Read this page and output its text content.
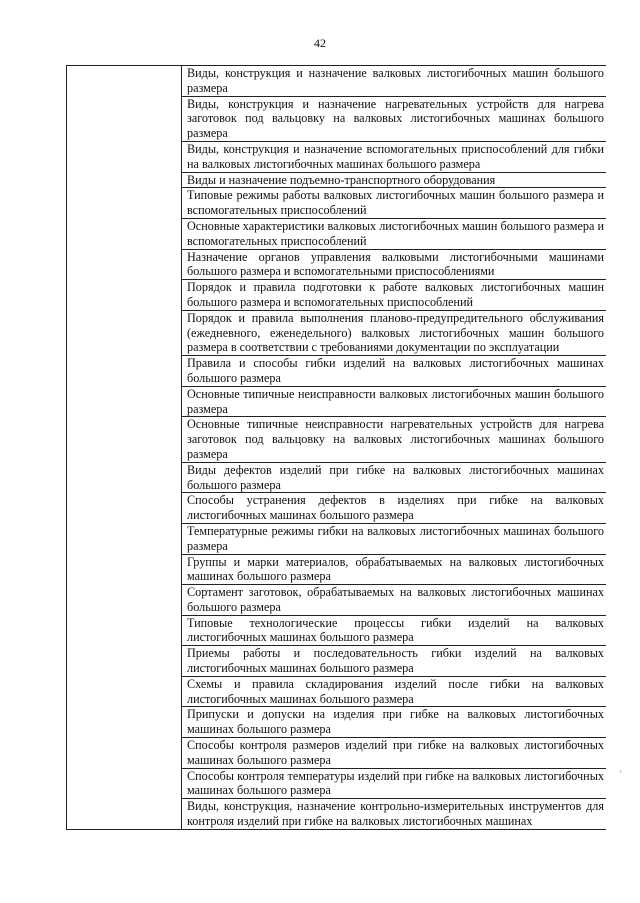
42

Виды, конструкция и назначение валковых листогибочных машин большого размера
Виды, конструкция и назначение нагревательных устройств для нагрева заготовок под вальцовку на валковых листогибочных машинах большого размера
Виды, конструкция и назначение вспомогательных приспособлений для гибки на валковых листогибочных машинах большого размера
Виды и назначение подъемно-транспортного оборудования
Типовые режимы работы валковых листогибочных машин большого размера и вспомогательных приспособлений
Основные характеристики валковых листогибочных машин большого размера и вспомогательных приспособлений
Назначение органов управления валковыми листогибочными машинами большого размера и вспомогательными приспособлениями
Порядок и правила подготовки к работе валковых листогибочных машин большого размера и вспомогательных приспособлений
Порядок и правила выполнения планово-предупредительного обслуживания (ежедневного, еженедельного) валковых листогибочных машин большого размера в соответствии с требованиями документации по эксплуатации
Правила и способы гибки изделий на валковых листогибочных машинах большого размера
Основные типичные неисправности валковых листогибочных машин большого размера
Основные типичные неисправности нагревательных устройств для нагрева заготовок под вальцовку на валковых листогибочных машинах большого размера
Виды дефектов изделий при гибке на валковых листогибочных машинах большого размера
Способы устранения дефектов в изделиях при гибке на валковых листогибочных машинах большого размера
Температурные режимы гибки на валковых листогибочных машинах большого размера
Группы и марки материалов, обрабатываемых на валковых листогибочных машинах большого размера
Сортамент заготовок, обрабатываемых на валковых листогибочных машинах большого размера
Типовые технологические процессы гибки изделий на валковых листогибочных машинах большого размера
Приемы работы и последовательность гибки изделий на валковых листогибочных машинах большого размера
Схемы и правила складирования изделий после гибки на валковых листогибочных машинах большого размера
Припуски и допуски на изделия при гибке на валковых листогибочных машинах большого размера
Способы контроля размеров изделий при гибке на валковых листогибочных машинах большого размера
Способы контроля температуры изделий при гибке на валковых листогибочных машинах большого размера
Виды, конструкция, назначение контрольно-измерительных инструментов для контроля изделий при гибке на валковых листогибочных машинах
'
